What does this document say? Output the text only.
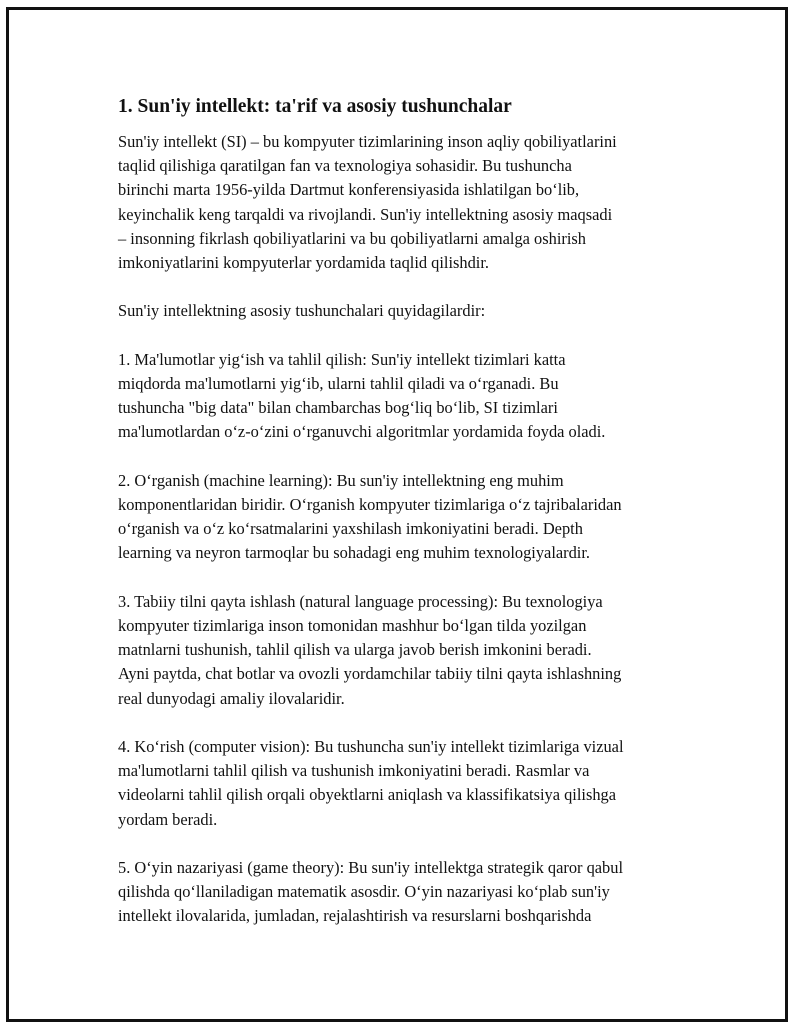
1. Sun'iy intellekt: ta'rif va asosiy tushunchalar
Sun'iy intellekt (SI) – bu kompyuter tizimlarining inson aqliy qobiliyatlarini
taqlid qilishiga qaratilgan fan va texnologiya sohasidir. Bu tushuncha
birinchi marta 1956-yilda Dartmut konferensiyasida ishlatilgan bo‘lib,
keyinchalik keng tarqaldi va rivojlandi. Sun'iy intellektning asosiy maqsadi
– insonning fikrlash qobiliyatlarini va bu qobiliyatlarni amalga oshirish
imkoniyatlarini kompyuterlar yordamida taqlid qilishdir.
Sun'iy intellektning asosiy tushunchalari quyidagilardir:
1. Ma'lumotlar yig‘ish va tahlil qilish: Sun'iy intellekt tizimlari katta
miqdorda ma'lumotlarni yig‘ib, ularni tahlil qiladi va o‘rganadi. Bu
tushuncha "big data" bilan chambarchas bog‘liq bo‘lib, SI tizimlari
ma'lumotlardan o‘z-o‘zini o‘rganuvchi algoritmlar yordamida foyda oladi.
2. O‘rganish (machine learning): Bu sun'iy intellektning eng muhim
komponentlaridan biridir. O‘rganish kompyuter tizimlariga o‘z tajribalaridan
o‘rganish va o‘z ko‘rsatmalarini yaxshilash imkoniyatini beradi. Depth
learning va neyron tarmoqlar bu sohadagi eng muhim texnologiyalardir.
3. Tabiiy tilni qayta ishlash (natural language processing): Bu texnologiya
kompyuter tizimlariga inson tomonidan mashhur bo‘lgan tilda yozilgan
matnlarni tushunish, tahlil qilish va ularga javob berish imkonini beradi.
Ayni paytda, chat botlar va ovozli yordamchilar tabiiy tilni qayta ishlashning
real dunyodagi amaliy ilovalaridir.
4. Ko‘rish (computer vision): Bu tushuncha sun'iy intellekt tizimlariga vizual
ma'lumotlarni tahlil qilish va tushunish imkoniyatini beradi. Rasmlar va
videolarni tahlil qilish orqali obyektlarni aniqlash va klassifikatsiya qilishga
yordam beradi.
5. O‘yin nazariyasi (game theory): Bu sun'iy intellektga strategik qaror qabul
qilishda qo‘llaniladigan matematik asosdir. O‘yin nazariyasi ko‘plab sun'iy
intellekt ilovalarida, jumladan, rejalashtirish va resurslarni boshqarishda
